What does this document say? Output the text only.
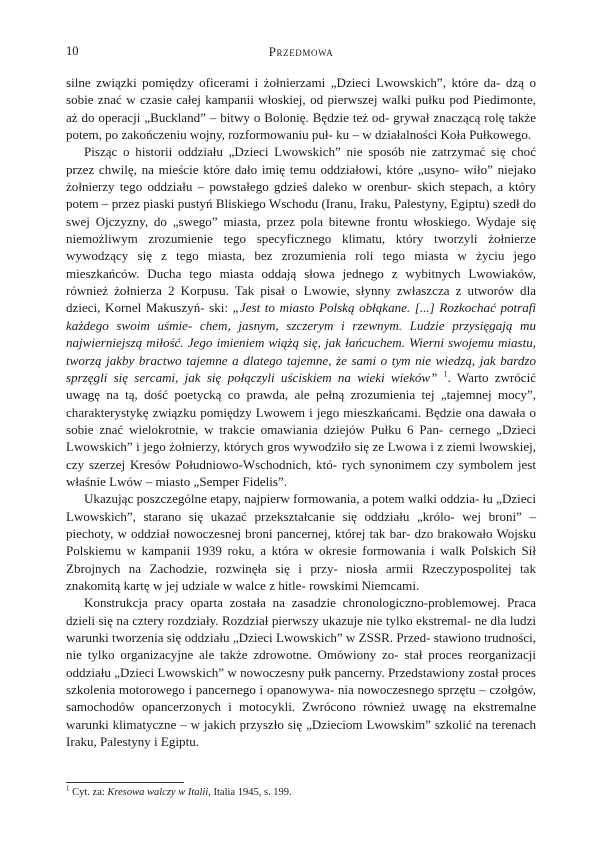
10	Przedmowa

silne związki pomiędzy oficerami i żołnierzami „Dzieci Lwowskich”, które da- dzą o sobie znać w czasie całej kampanii włoskiej, od pierwszej walki pułku pod Piedimonte, aż do operacji „Buckland” – bitwy o Bolonię. Będzie też od- grywał znaczącą rolę także potem, po zakończeniu wojny, rozformowaniu puł- ku – w działalności Koła Pułkowego.

Pisząc o historii oddziału „Dzieci Lwowskich” nie sposób nie zatrzymać się choć przez chwilę, na mieście które dało imię temu oddziałowi, które „usyno- wiło” niejako żołnierzy tego oddziału – powstałego gdzieś daleko w orenbur- skich stepach, a który potem – przez piaski pustyń Bliskiego Wschodu (Iranu, Iraku, Palestyny, Egiptu) szedł do swej Ojczyzny, do „swego” miasta, przez pola bitewne frontu włoskiego. Wydaje się niemożliwym zrozumienie tego specyficznego klimatu, który tworzyli żołnierze wywodzący się z tego miasta, bez zrozumienia roli tego miasta w życiu jego mieszkańców. Ducha tego miasta oddają słowa jednego z wybitnych Lwowiaków, również żołnierza 2 Korpusu. Tak pisał o Lwowie, słynny zwłaszcza z utworów dla dzieci, Kornel Makuszyń- ski: „Jest to miasto Polską obłąkane. [...] Rozkochać potrafi każdego swoim uśmie- chem, jasnym, szczerym i rzewnym. Ludzie przysięgają mu najwierniejszą miłość. Jego imieniem wiążą się, jak łańcuchem. Wierni swojemu miastu, tworzą jakby bractwo tajemne a dlatego tajemne, że sami o tym nie wiedzą, jak bardzo sprzęgli się sercami, jak się połączyli uściskiem na wieki wieków” $^1$. Warto zwrócić uwagę na tą, dość poetycką co prawda, ale pełną zrozumienia tej „tajemnej mocy”, charakterystykę związku pomiędzy Lwowem i jego mieszkańcami. Będzie ona dawała o sobie znać wielokrotnie, w trakcie omawiania dziejów Pułku 6 Pan- cernego „Dzieci Lwowskich” i jego żołnierzy, których gros wywodziło się ze Lwowa i z ziemi lwowskiej, czy szerzej Kresów Południowo-Wschodnich, któ- rych synonimem czy symbolem jest właśnie Lwów – miasto „Semper Fidelis”.

Ukazując poszczególne etapy, najpierw formowania, a potem walki oddzia- łu „Dzieci Lwowskich”, starano się ukazać przekształcanie się oddziału „królo- wej broni” – piechoty, w oddział nowoczesnej broni pancernej, której tak bar- dzo brakowało Wojsku Polskiemu w kampanii 1939 roku, a która w okresie formowania i walk Polskich Sił Zbrojnych na Zachodzie, rozwinęła się i przy- niosła armii Rzeczypospolitej tak znakomitą kartę w jej udziale w walce z hitle- rowskimi Niemcami.

Konstrukcja pracy oparta została na zasadzie chronologiczno-problemowej. Praca dzieli się na cztery rozdziały. Rozdział pierwszy ukazuje nie tylko ekstremal- ne dla ludzi warunki tworzenia się oddziału „Dzieci Lwowskich” w ZSSR. Przed- stawiono trudności, nie tylko organizacyjne ale także zdrowotne. Omówiony zo- stał proces reorganizacji oddziału „Dzieci Lwowskich” w nowoczesny pułk pancerny. Przedstawiony został proces szkolenia motorowego i pancernego i opanowywa- nia nowoczesnego sprzętu – czołgów, samochodów opancerzonych i motocykli. Zwrócono również uwagę na ekstremalne warunki klimatyczne – w jakich przyszło się „Dzieciom Lwowskim” szkolić na terenach Iraku, Palestyny i Egiptu.

$^1$ Cyt. za: Kresowa walczy w Italii, Italia 1945, s. 199.
